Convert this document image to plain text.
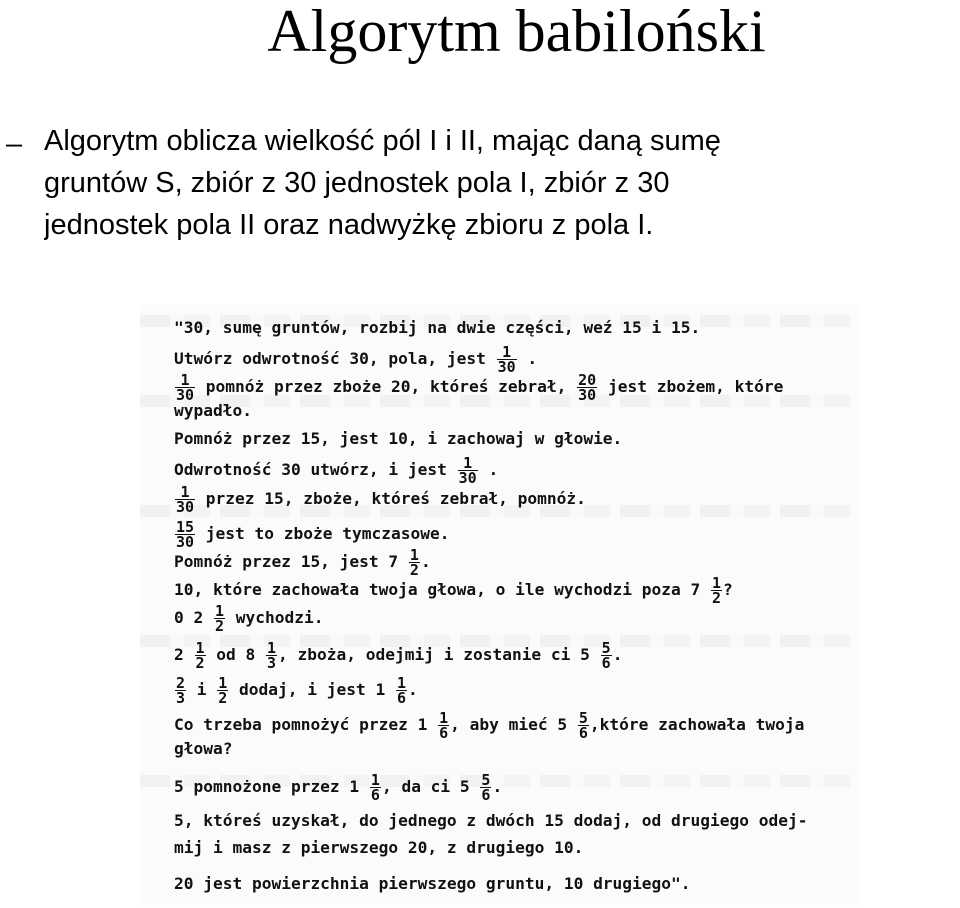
Algorytm babiloński
– Algorytm oblicza wielkość pól I i II, mając daną sumę
gruntów S, zbiór z 30 jednostek pola I, zbiór z 30
jednostek pola II oraz nadwyżkę zbioru z pola I.
"30, sumę gruntów, rozbij na dwie części, weź 15 i 15.
Utwórz odwrotność 30, pola, jest $\frac{1}{30}$ .
$\frac{1}{30}$ pomnóż przez zboże 20, któreś zebrał, $\frac{20}{30}$ jest zbożem, które
wypadło.
Pomnóż przez 15, jest 10, i zachowaj w głowie.
Odwrotność 30 utwórz, i jest $\frac{1}{30}$ .
$\frac{1}{30}$ przez 15, zboże, któreś zebrał, pomnóż.
$\frac{15}{30}$ jest to zboże tymczasowe.
Pomnóż przez 15, jest $7 \frac{1}{2}$ .
10, które zachowała twoja głowa, o ile wychodzi poza $7 \frac{1}{2}$ ?
0 $2 \frac{1}{2}$ wychodzi.
$2 \frac{1}{2}$ od $8 \frac{1}{3}$ , zboża, odejmij i zostanie ci $5 \frac{5}{6}$ .
$\frac{2}{3}$ i $\frac{1}{2}$ dodaj, i jest $1 \frac{1}{6}$ .
Co trzeba pomnożyć przez $1 \frac{1}{6}$ , aby mieć $5 \frac{5}{6}$ ,które zachowała twoja
głowa?
5 pomnożone przez $1 \frac{1}{6}$ , da ci $5 \frac{5}{6}$ .
5, któreś uzyskał, do jednego z dwóch 15 dodaj, od drugiego odej-
mij i masz z pierwszego 20, z drugiego 10.
20 jest powierzchnia pierwszego gruntu, 10 drugiego".
